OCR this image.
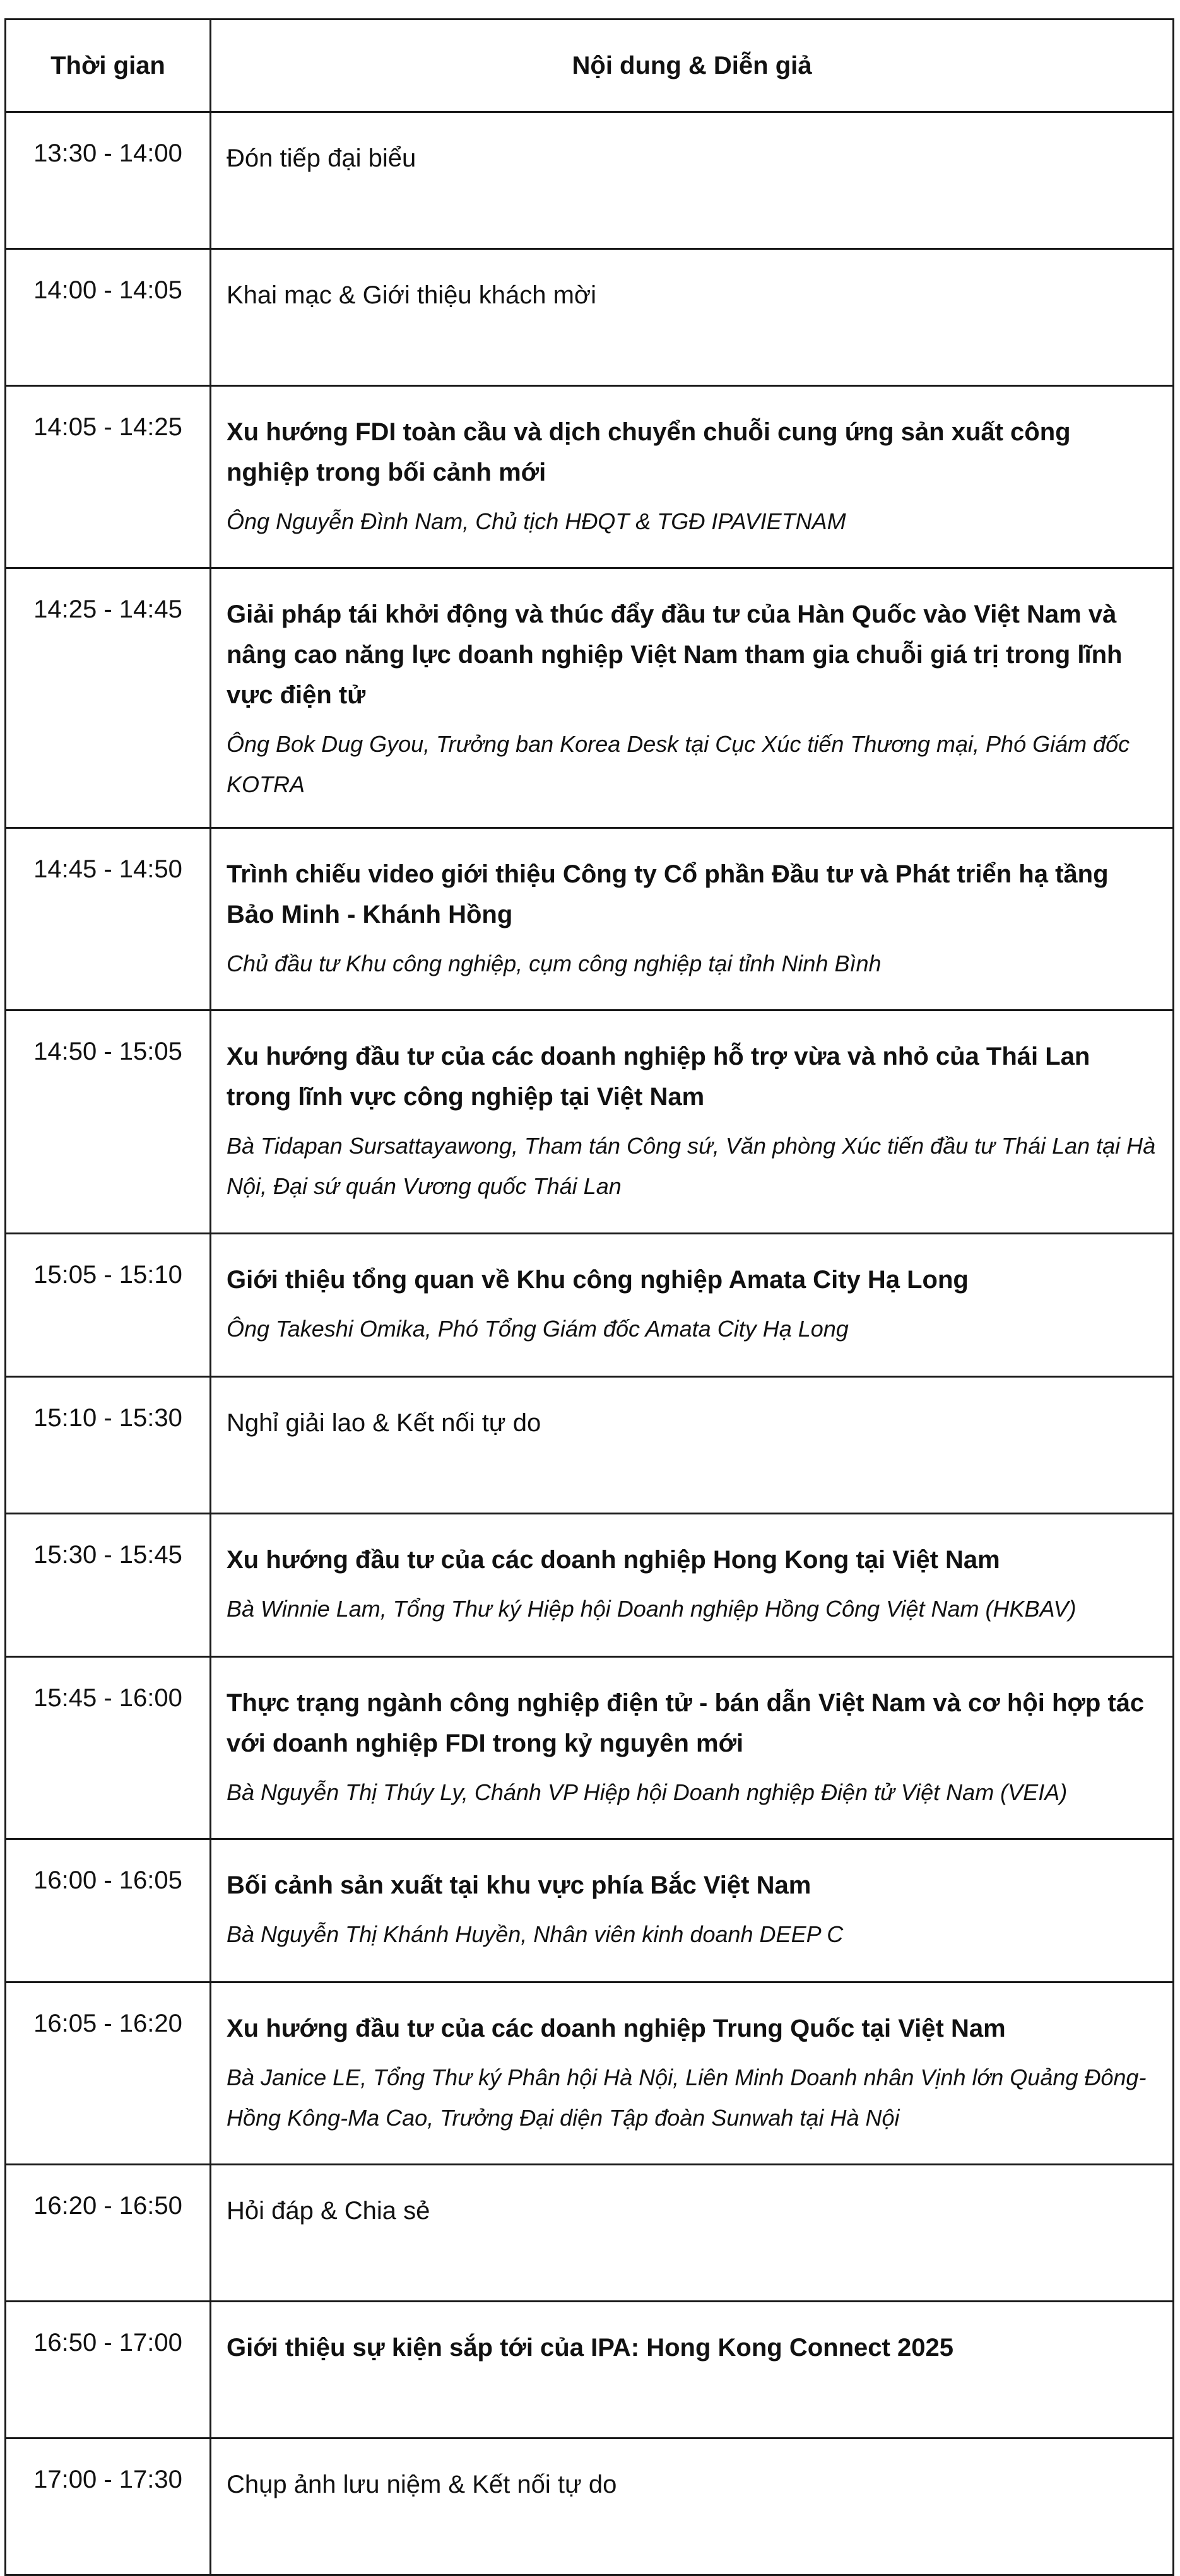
Thời gian	Nội dung & Diễn giả
13:30 - 14:00	Đón tiếp đại biểu

14:00 - 14:05	Khai mạc & Giới thiệu khách mời

14:05 - 14:25	Xu hướng FDI toàn cầu và dịch chuyển chuỗi cung ứng sản xuất công nghiệp trong bối cảnh mới
Ông Nguyễn Đình Nam, Chủ tịch HĐQT & TGĐ IPAVIETNAM

14:25 - 14:45	Giải pháp tái khởi động và thúc đẩy đầu tư của Hàn Quốc vào Việt Nam và nâng cao năng lực doanh nghiệp Việt Nam tham gia chuỗi giá trị trong lĩnh vực điện tử
Ông Bok Dug Gyou, Trưởng ban Korea Desk tại Cục Xúc tiến Thương mại, Phó Giám đốc KOTRA

14:45 - 14:50	Trình chiếu video giới thiệu Công ty Cổ phần Đầu tư và Phát triển hạ tầng Bảo Minh - Khánh Hồng
Chủ đầu tư Khu công nghiệp, cụm công nghiệp tại tỉnh Ninh Bình

14:50 - 15:05	Xu hướng đầu tư của các doanh nghiệp hỗ trợ vừa và nhỏ của Thái Lan trong lĩnh vực công nghiệp tại Việt Nam
Bà Tidapan Sursattayawong, Tham tán Công sứ, Văn phòng Xúc tiến đầu tư Thái Lan tại Hà Nội, Đại sứ quán Vương quốc Thái Lan

15:05 - 15:10	Giới thiệu tổng quan về Khu công nghiệp Amata City Hạ Long
Ông Takeshi Omika, Phó Tổng Giám đốc Amata City Hạ Long

15:10 - 15:30	Nghỉ giải lao & Kết nối tự do

15:30 - 15:45	Xu hướng đầu tư của các doanh nghiệp Hong Kong tại Việt Nam
Bà Winnie Lam, Tổng Thư ký Hiệp hội Doanh nghiệp Hồng Công Việt Nam (HKBAV)

15:45 - 16:00	Thực trạng ngành công nghiệp điện tử - bán dẫn Việt Nam và cơ hội hợp tác với doanh nghiệp FDI trong kỷ nguyên mới
Bà Nguyễn Thị Thúy Ly, Chánh VP Hiệp hội Doanh nghiệp Điện tử Việt Nam (VEIA)

16:00 - 16:05	Bối cảnh sản xuất tại khu vực phía Bắc Việt Nam
Bà Nguyễn Thị Khánh Huyền, Nhân viên kinh doanh DEEP C

16:05 - 16:20	Xu hướng đầu tư của các doanh nghiệp Trung Quốc tại Việt Nam
Bà Janice LE, Tổng Thư ký Phân hội Hà Nội, Liên Minh Doanh nhân Vịnh lớn Quảng Đông-Hồng Kông-Ma Cao, Trưởng Đại diện Tập đoàn Sunwah tại Hà Nội

16:20 - 16:50	Hỏi đáp & Chia sẻ

16:50 - 17:00	Giới thiệu sự kiện sắp tới của IPA: Hong Kong Connect 2025

17:00 - 17:30	Chụp ảnh lưu niệm & Kết nối tự do
